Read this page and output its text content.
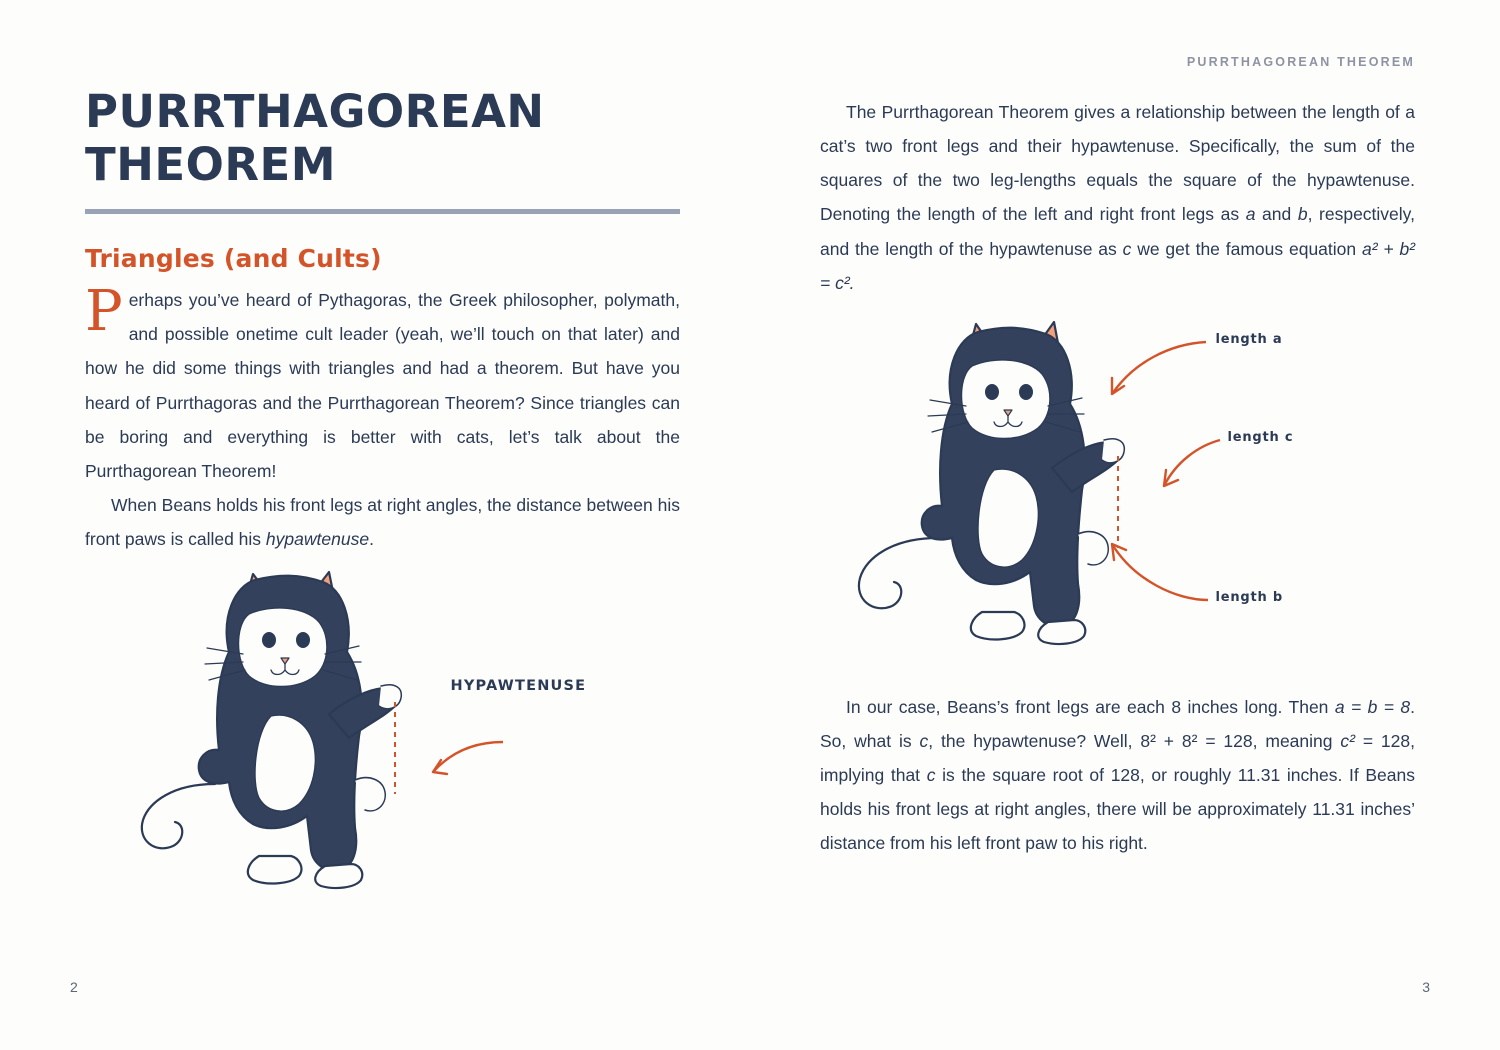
PURRTHAGOREAN THEOREM
Triangles (and Cults)

Perhaps you’ve heard of Pythagoras, the Greek philosopher, polymath, and possible onetime cult leader (yeah, we’ll touch on that later) and how he did some things with triangles and had a theorem. But have you heard of Purrthagoras and the Purrthagorean Theorem? Since triangles can be boring and everything is better with cats, let’s talk about the Purrthagorean Theorem!

When Beans holds his front legs at right angles, the distance between his front paws is called his hypawtenuse.

HYPAWTENUSE
2
PURRTHAGOREAN THEOREM

The Purrthagorean Theorem gives a relationship between the length of a cat’s two front legs and their hypawtenuse. Specifically, the sum of the squares of the two leg-lengths equals the square of the hypawtenuse. Denoting the length of the left and right front legs as a and b, respectively, and the length of the hypawtenuse as c we get the famous equation a² + b² = c².

length a
length c
length b

In our case, Beans’s front legs are each 8 inches long. Then a = b = 8. So, what is c, the hypawtenuse? Well, 8² + 8² = 128, meaning c² = 128, implying that c is the square root of 128, or roughly 11.31 inches. If Beans holds his front legs at right angles, there will be approximately 11.31 inches’ distance from his left front paw to his right.

3
